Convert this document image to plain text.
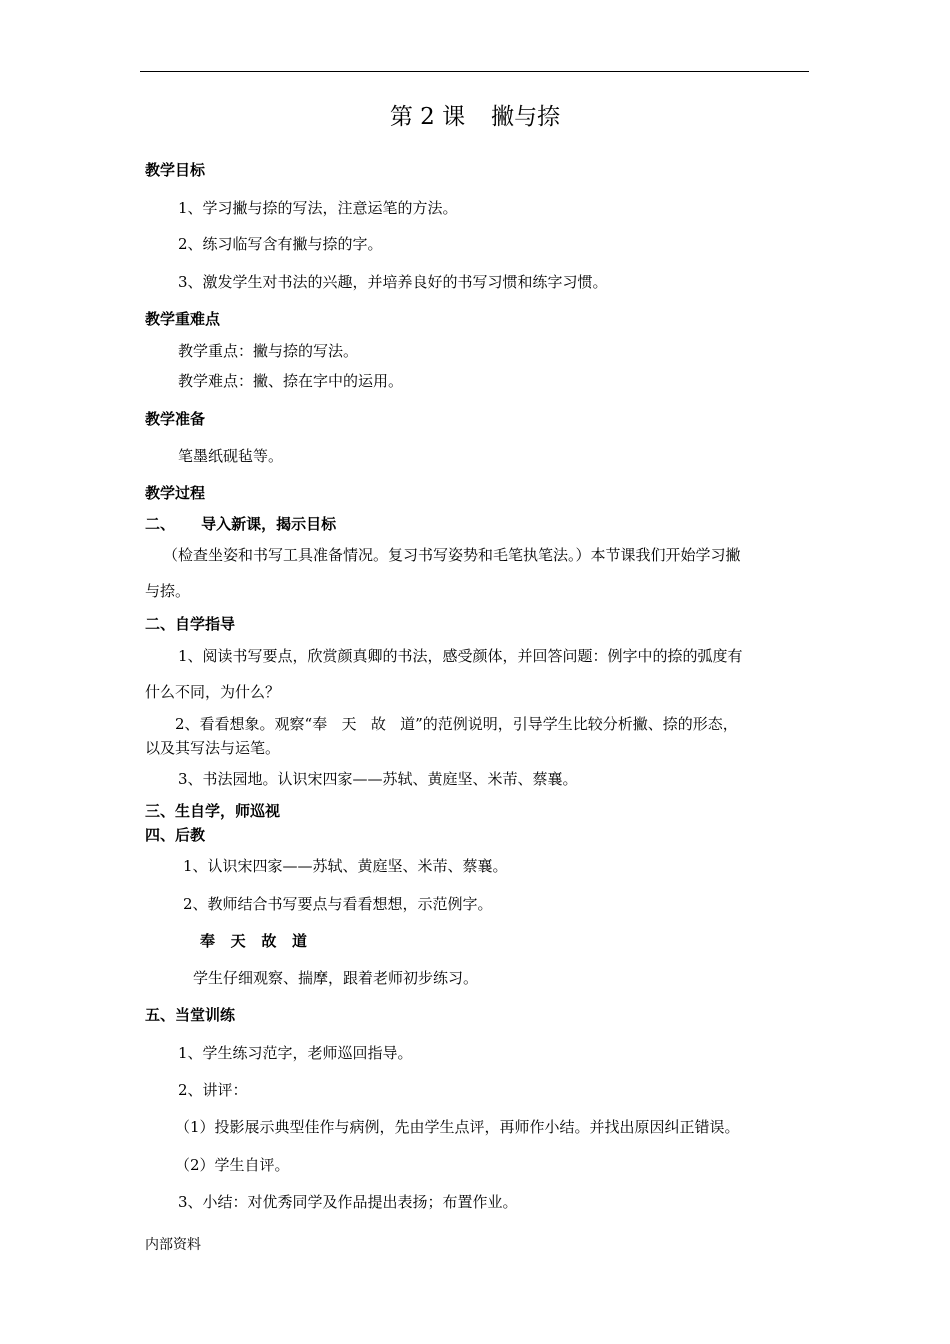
第 2 课 撇与捺
教学目标
1、学习撇与捺的写法，注意运笔的方法。
2、练习临写含有撇与捺的字。
3、激发学生对书法的兴趣，并培养良好的书写习惯和练字习惯。
教学重难点
教学重点：撇与捺的写法。
教学难点：撇、捺在字中的运用。
教学准备
笔墨纸砚毡等。
教学过程
二、     导入新课，揭示目标
（检查坐姿和书写工具准备情况。复习书写姿势和毛笔执笔法。）本节课我们开始学习撇
与捺。
二、自学指导
1、阅读书写要点，欣赏颜真卿的书法，感受颜体，并回答问题：例字中的捺的弧度有
什么不同，为什么？
2、看看想象。观察“奉   天   故   道”的范例说明，引导学生比较分析撇、捺的形态，
以及其写法与运笔。
3、书法园地。认识宋四家——苏轼、黄庭坚、米芾、蔡襄。
三、生自学，师巡视
四、后教
1、认识宋四家——苏轼、黄庭坚、米芾、蔡襄。
2、教师结合书写要点与看看想想，示范例字。
奉   天   故   道
学生仔细观察、揣摩，跟着老师初步练习。
五、当堂训练
1、学生练习范字，老师巡回指导。
2、讲评：
（1）投影展示典型佳作与病例，先由学生点评，再师作小结。并找出原因纠正错误。
（2）学生自评。
3、小结：对优秀同学及作品提出表扬；布置作业。
内部资料
